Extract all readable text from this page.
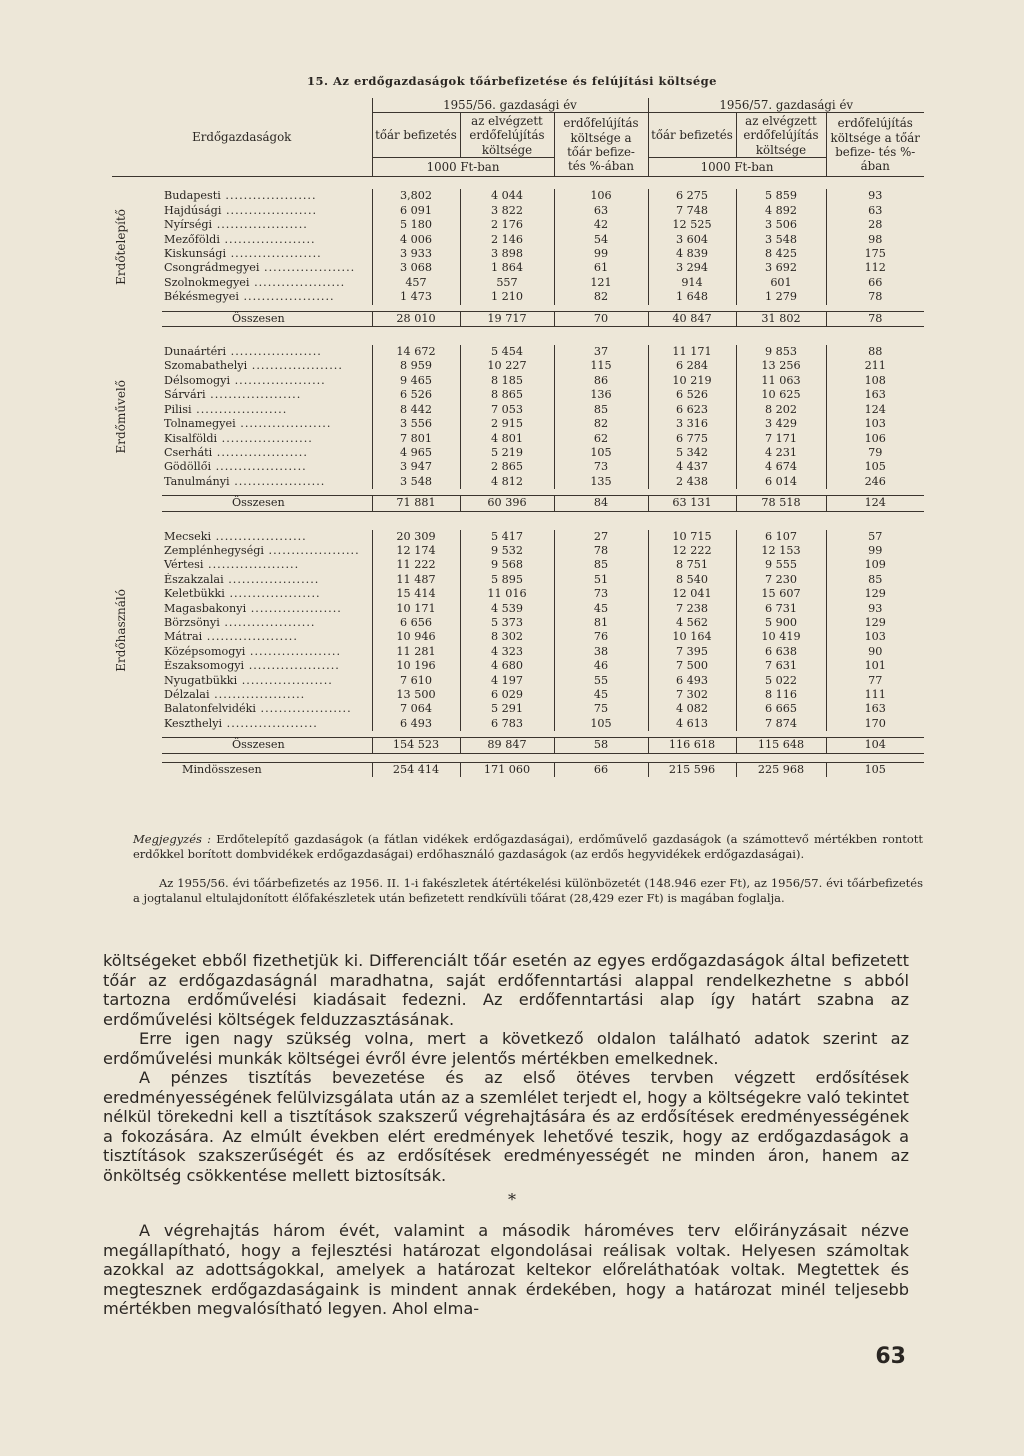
15. Az erdőgazdaságok tőárbefizetése és felújítási költsége
Erdőgazdaságok		1955/56. gazdasági év			1956/57. gazdasági év		
		tőár befizetés	az elvégzett erdőfelújítás költsége	erdőfelújítás költsége a tőár befize- tés %-ában	tőár befizetés	az elvégzett erdőfelújítás költsége	erdőfelújítás költsége a tőár befize- tés %-ában
		1000 Ft-ban			1000 Ft-ban		

Erdőtelepítő	Budapesti ....................	3,802	4 044	106	6 275	5 859	93
	Hajdúsági ....................	6 091	3 822	63	7 748	4 892	63
	Nyírségi ....................	5 180	2 176	42	12 525	3 506	28
	Mezőföldi ....................	4 006	2 146	54	3 604	3 548	98
	Kiskunsági ....................	3 933	3 898	99	4 839	8 425	175
	Csongrádmegyei ....................	3 068	1 864	61	3 294	3 692	112
	Szolnokmegyei ....................	457	557	121	914	601	66
	Békésmegyei ....................	1 473	1 210	82	1 648	1 279	78

	Összesen	28 010	19 717	70	40 847	31 802	78

Erdőművelő	Dunaártéri ....................	14 672	5 454	37	11 171	9 853	88
	Szomabathelyi ....................	8 959	10 227	115	6 284	13 256	211
	Délsomogyi ....................	9 465	8 185	86	10 219	11 063	108
	Sárvári ....................	6 526	8 865	136	6 526	10 625	163
	Pilisi ....................	8 442	7 053	85	6 623	8 202	124
	Tolnamegyei ....................	3 556	2 915	82	3 316	3 429	103
	Kisalföldi ....................	7 801	4 801	62	6 775	7 171	106
	Cserháti ....................	4 965	5 219	105	5 342	4 231	79
	Gödöllői ....................	3 947	2 865	73	4 437	4 674	105
	Tanulmányi ....................	3 548	4 812	135	2 438	6 014	246

	Összesen	71 881	60 396	84	63 131	78 518	124

Erdőhasználó	Mecseki ....................	20 309	5 417	27	10 715	6 107	57
	Zemplénhegységi ....................	12 174	9 532	78	12 222	12 153	99
	Vértesi ....................	11 222	9 568	85	8 751	9 555	109
	Északzalai ....................	11 487	5 895	51	8 540	7 230	85
	Keletbükki ....................	15 414	11 016	73	12 041	15 607	129
	Magasbakonyi ....................	10 171	4 539	45	7 238	6 731	93
	Börzsönyi ....................	6 656	5 373	81	4 562	5 900	129
	Mátrai ....................	10 946	8 302	76	10 164	10 419	103
	Középsomogyi ....................	11 281	4 323	38	7 395	6 638	90
	Északsomogyi ....................	10 196	4 680	46	7 500	7 631	101
	Nyugatbükki ....................	7 610	4 197	55	6 493	5 022	77
	Délzalai ....................	13 500	6 029	45	7 302	8 116	111
	Balatonfelvidéki ....................	7 064	5 291	75	4 082	6 665	163
	Keszthelyi ....................	6 493	6 783	105	4 613	7 874	170

	Összesen	154 523	89 847	58	116 618	115 648	104

	Mindösszesen	254 414	171 060	66	215 596	225 968	105
Megjegyzés : Erdőtelepítő gazdaságok (a fátlan vidékek erdőgazdaságai), erdőművelő gazdaságok (a számottevő mértékben rontott erdőkkel borított dombvidékek erdőgazdaságai) erdőhasználó gazdaságok (az erdős hegyvidékek erdőgazdaságai).
Az 1955/56. évi tőárbefizetés az 1956. II. 1-i fakészletek átértékelési különbözetét (148.946 ezer Ft), az 1956/57. évi tőárbefizetés a jogtalanul eltulajdonított élőfakészletek után befizetett rendkívüli tőárat (28,429 ezer Ft) is magában foglalja.
költségeket ebből fizethetjük ki. Differenciált tőár esetén az egyes erdőgazdaságok által befizetett tőár az erdőgazdaságnál maradhatna, saját erdőfenntartási alappal rendelkezhetne s abból tartozna erdőművelési kiadásait fedezni. Az erdőfenntartási alap így határt szabna az erdőművelési költségek felduzzasztásának.
Erre igen nagy szükség volna, mert a következő oldalon található adatok szerint az erdőművelési munkák költségei évről évre jelentős mértékben emelkednek.
A pénzes tisztítás bevezetése és az első ötéves tervben végzett erdősítések eredményességének felülvizsgálata után az a szemlélet terjedt el, hogy a költségekre való tekintet nélkül törekedni kell a tisztítások szakszerű végrehajtására és az erdősítések eredményességének a fokozására. Az elmúlt években elért eredmények lehetővé teszik, hogy az erdőgazdaságok a tisztítások szakszerűségét és az erdősítések eredményességét ne minden áron, hanem az önköltség csökkentése mellett biztosítsák.
*
A végrehajtás három évét, valamint a második hároméves terv előirányzásait nézve megállapítható, hogy a fejlesztési határozat elgondolásai reálisak voltak. Helyesen számoltak azokkal az adottságokkal, amelyek a határozat keltekor előreláthatóak voltak. Megtettek és megtesznek erdőgazdaságaink is mindent annak érdekében, hogy a határozat minél teljesebb mértékben megvalósítható legyen. Ahol elma-
63
